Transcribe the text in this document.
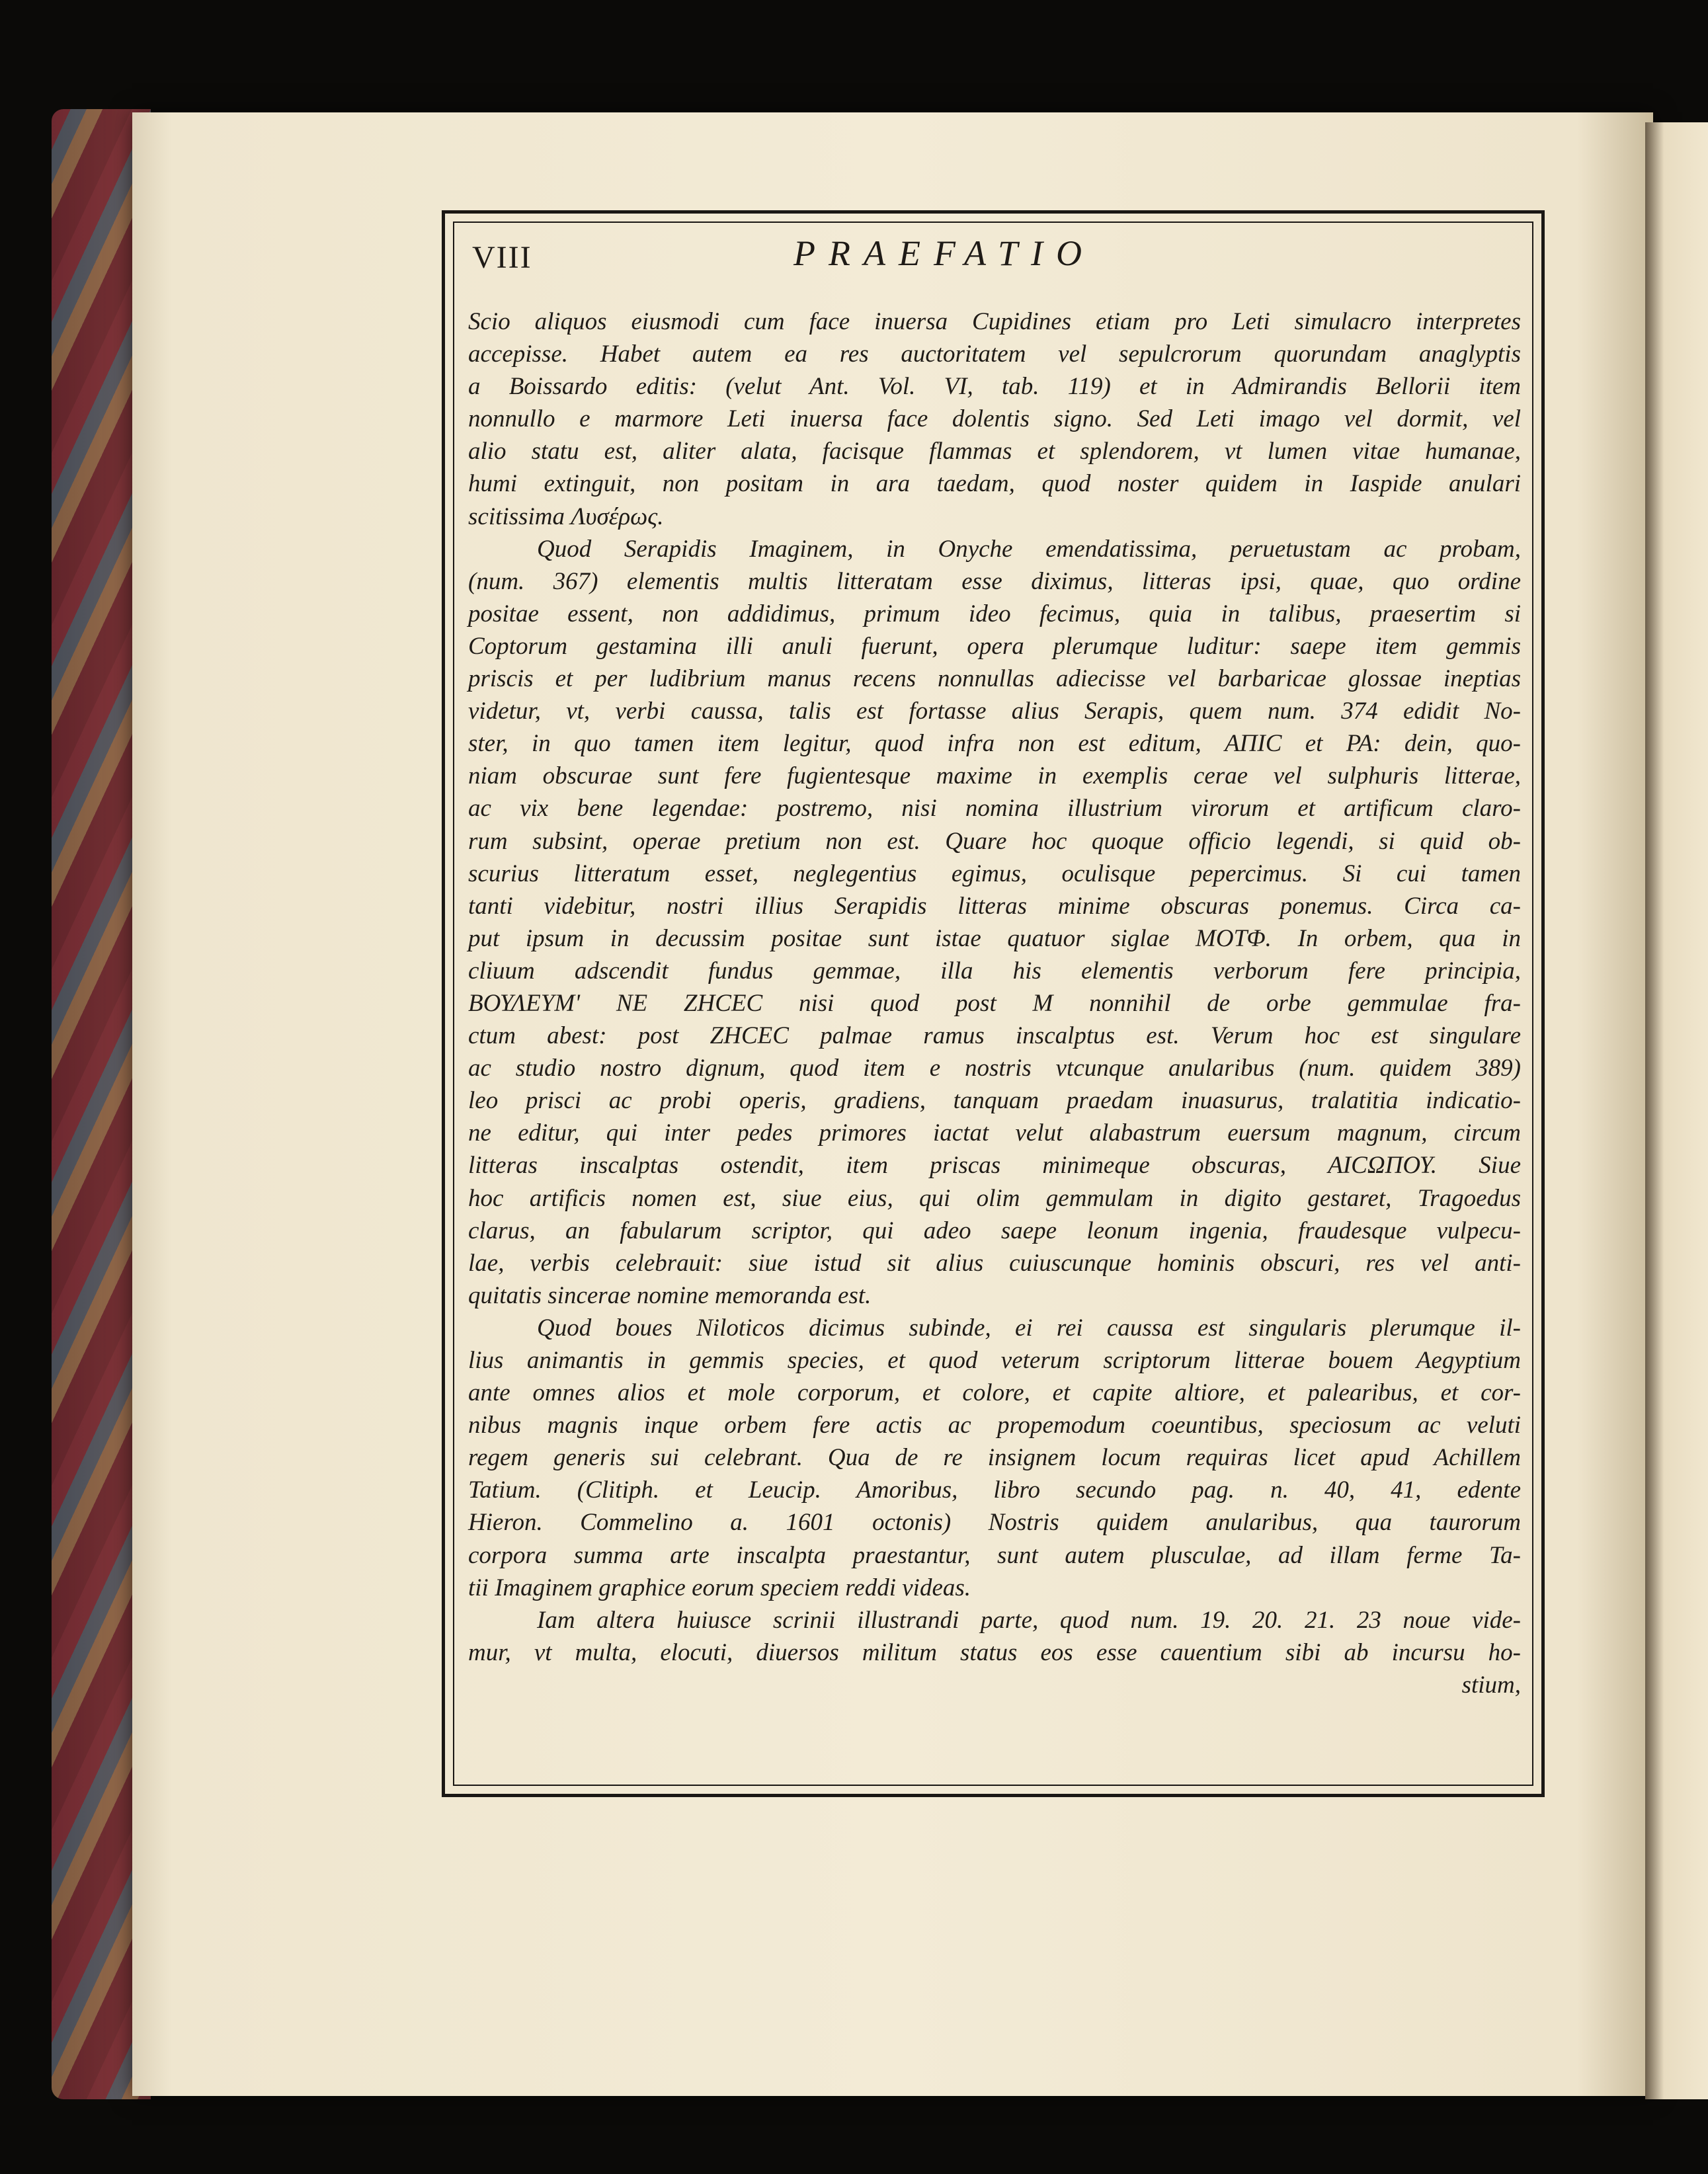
VIII	PRAEFATIO

Scio aliquos eiusmodi cum face inuersa Cupidines etiam pro Leti simulacro interpretes
accepisse. Habet autem ea res auctoritatem vel sepulcrorum quorundam anaglyptis
a Boissardo editis: (velut Ant. Vol. VI, tab. 119) et in Admirandis Bellorii item
nonnullo e marmore Leti inuersa face dolentis signo. Sed Leti imago vel dormit, vel
alio statu est, aliter alata, facisque flammas et splendorem, vt lumen vitae humanae,
humi extinguit, non positam in ara taedam, quod noster quidem in Iaspide anulari
scitissima Λυσέρως.

Quod Serapidis Imaginem, in Onyche emendatissima, peruetustam ac probam,
(num. 367) elementis multis litteratam esse diximus, litteras ipsi, quae, quo ordine
positae essent, non addidimus, primum ideo fecimus, quia in talibus, praesertim si
Coptorum gestamina illi anuli fuerunt, opera plerumque luditur: saepe item gemmis
priscis et per ludibrium manus recens nonnullas adiecisse vel barbaricae glossae ineptias
videtur, vt, verbi caussa, talis est fortasse alius Serapis, quem num. 374 edidit No-
ster, in quo tamen item legitur, quod infra non est editum, ΑΠΙC et ΡΑ: dein, quo-
niam obscurae sunt fere fugientesque maxime in exemplis cerae vel sulphuris litterae,
ac vix bene legendae: postremo, nisi nomina illustrium virorum et artificum claro-
rum subsint, operae pretium non est. Quare hoc quoque officio legendi, si quid ob-
scurius litteratum esset, neglegentius egimus, oculisque pepercimus. Si cui tamen
tanti videbitur, nostri illius Serapidis litteras minime obscuras ponemus. Circa ca-
put ipsum in decussim positae sunt istae quatuor siglae ΜΟΤΦ. In orbem, qua in
cliuum adscendit fundus gemmae, illa his elementis verborum fere principia,
ΒΟΥΛΕΥΜ' ΝΕ ΖΗCΕC nisi quod post Μ nonnihil de orbe gemmulae fra-
ctum abest: post ΖΗCΕC palmae ramus inscalptus est. Verum hoc est singulare
ac studio nostro dignum, quod item e nostris vtcunque anularibus (num. quidem 389)
leo prisci ac probi operis, gradiens, tanquam praedam inuasurus, tralatitia indicatio-
ne editur, qui inter pedes primores iactat velut alabastrum euersum magnum, circum
litteras inscalptas ostendit, item priscas minimeque obscuras, ΑΙCΩΠΟΥ. Siue
hoc artificis nomen est, siue eius, qui olim gemmulam in digito gestaret, Tragoedus
clarus, an fabularum scriptor, qui adeo saepe leonum ingenia, fraudesque vulpecu-
lae, verbis celebrauit: siue istud sit alius cuiuscunque hominis obscuri, res vel anti-
quitatis sincerae nomine memoranda est.

Quod boues Niloticos dicimus subinde, ei rei caussa est singularis plerumque il-
lius animantis in gemmis species, et quod veterum scriptorum litterae bouem Aegyptium
ante omnes alios et mole corporum, et colore, et capite altiore, et palearibus, et cor-
nibus magnis inque orbem fere actis ac propemodum coeuntibus, speciosum ac veluti
regem generis sui celebrant. Qua de re insignem locum requiras licet apud Achillem
Tatium. (Clitiph. et Leucip. Amoribus, libro secundo pag. n. 40, 41, edente
Hieron. Commelino a. 1601 octonis) Nostris quidem anularibus, qua taurorum
corpora summa arte inscalpta praestantur, sunt autem plusculae, ad illam ferme Ta-
tii Imaginem graphice eorum speciem reddi videas.

Iam altera huiusce scrinii illustrandi parte, quod num. 19. 20. 21. 23 noue vide-
mur, vt multa, elocuti, diuersos militum status eos esse cauentium sibi ab incursu ho-
stium,
